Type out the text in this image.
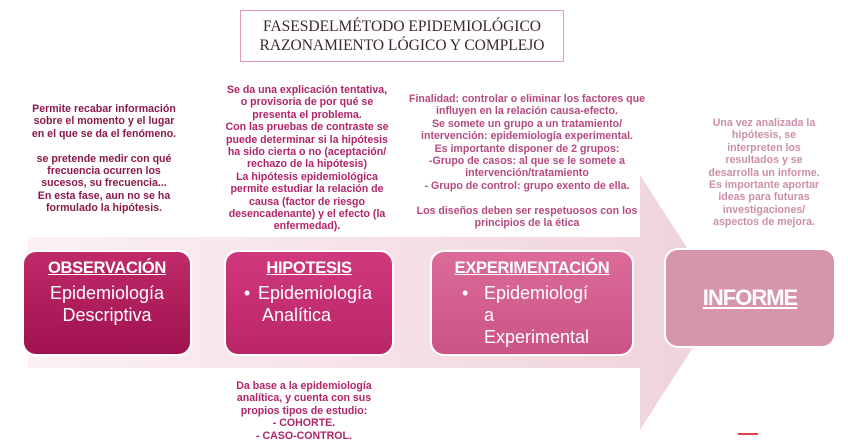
FASESDELMÉTODO EPIDEMIOLÓGICO
RAZONAMIENTO LÓGICO Y COMPLEJO
Permite recabar información
sobre el momento y el lugar
en el que se da el fenómeno.

se pretende medir con qué
frecuencia ocurren los
sucesos, su frecuencia...
En esta fase, aun no se ha
formulado la hipótesis.
Se da una explicación tentativa,
o provisoria de por qué se
presenta el problema.
Con las pruebas de contraste se
puede determinar si la hipótesis
ha sido cierta o no (aceptación/
rechazo de la hipótesis)
La hipótesis epidemiológica
permite estudiar la relación de
causa (factor de riesgo
desencadenante) y el efecto (la
enfermedad).
Finalidad: controlar o eliminar los factores que
influyen en la relación causa-efecto.
Se somete un grupo a un tratamiento/
intervención: epidemiología experimental.
Es importante disponer de 2 grupos:
-Grupo de casos: al que se le somete a
intervención/tratamiento
- Grupo de control: grupo exento de ella.

Los diseños deben ser respetuosos con los
principios de la ética
Una vez analizada la
hipótesis, se
interpreten los
resultados y se
desarrolla un informe.
Es importante aportar
ideas para futuras
investigaciones/
aspectos de mejora.
Da base a la epidemiología
analítica, y cuenta con sus
propios tipos de estudio:
- COHORTE.
- CASO-CONTROL.
OBSERVACIÓN
Epidemiología
Descriptiva
HIPOTESIS
• Epidemiología
Analítica
EXPERIMENTACIÓN
• Epidemiologí
a
Experimental
INFORME
